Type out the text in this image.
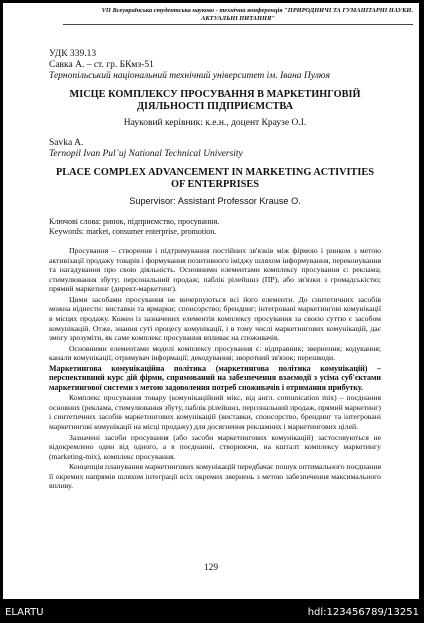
VII Всеукраїнська студентська науково - технічна конференція "ПРИРОДНИЧІ ТА ГУМАНІТАРНІ НАУКИ.
АКТУАЛЬНІ ПИТАННЯ"
УДК 339.13
Савка А. – ст. гр. БКмз-51
Тернопільський національний технічний університет ім. Івана Пулюя
МІСЦЕ КОМПЛЕКСУ ПРОСУВАННЯ В МАРКЕТИНГОВІЙ ДІЯЛЬНОСТІ ПІДПРИЄМСТВА
Науковий керівник: к.е.н., доцент Краузе О.І.
Savka A.
Ternopil Ivan Pul`uj National Technical University
PLACE COMPLEX ADVANCEMENT IN MARKETING ACTIVITIES OF ENTERPRISES
Supervisor: Assistant Professor Krause O.
Ключові слова: ринок, підприємство, просування.
Keywords: market, consumer enterprise, promotion.

Просування – створення і підтримування постійних зв'язків між фірмою і ринком з метою активізації продажу товарів і формування позитивного іміджу шляхом інформування, переконування та нагадування про свою діяльність. Основними елементами комплексу просування є: реклама; стимулювання збуту; персональний продаж; паблік рілейшнз (ПР), або зв'язки з громадськістю; прямий маркетинг (директ-маркетинг).

Цими засобами просування не вичерпуються всі його елементи. До синтетичних засобів можна віднести: виставки та ярмарки; спонсорство; брендинг; інтегровані маркетингові комунікації в місцях продажу. Кожен із зазначених елементів комплексу просування за своєю суттю є засобом комунікацій. Отже, знання суті процесу комунікації, і в тому числі маркетингових комунікацій, дає змогу зрозуміти, як саме комплекс просування впливає на споживачів.

Основними елементами моделі комплексу просування є: відправник; звернення; кодування; канали комунікації; отримувач інформації; декодування; зворотний зв'язок; перешкоди.

Маркетингова комунікаційна політика (маркетингова політика комунікацій) – перспективний курс дій фірми, спрямований на забезпечення взаємодії з усіма суб'єктами маркетингової системи з метою задоволення потреб споживачів і отримання прибутку.

Комплекс просування товару (комунікаційний мікс, від англ. comunication mix) – поєднання основних (реклама, стимулювання збуту, паблік рілейшнз, персональний продаж, прямий маркетинг) і синтетичних засобів маркетингових комунікацій (виставки, спонсорство, брендинг та інтегровані маркетингові комунікації на місці продажу) для досягнення рекламних і маркетингових цілей.

Зазначені засоби просування (або засоби маркетингових комунікацій) застосовуються не відокремлено один від одного, а в поєднанні, створюючи, на кшталт комплексу маркетингу (marketing-mix), комплекс просування.

Концепція планування маркетингових комунікацій передбачає пошук оптимального поєднання її окремих напрямів шляхом інтеграції всіх окремих звернень з метою забезпечення максимального впливу.

129
ELARTU	hdl:123456789/13251
